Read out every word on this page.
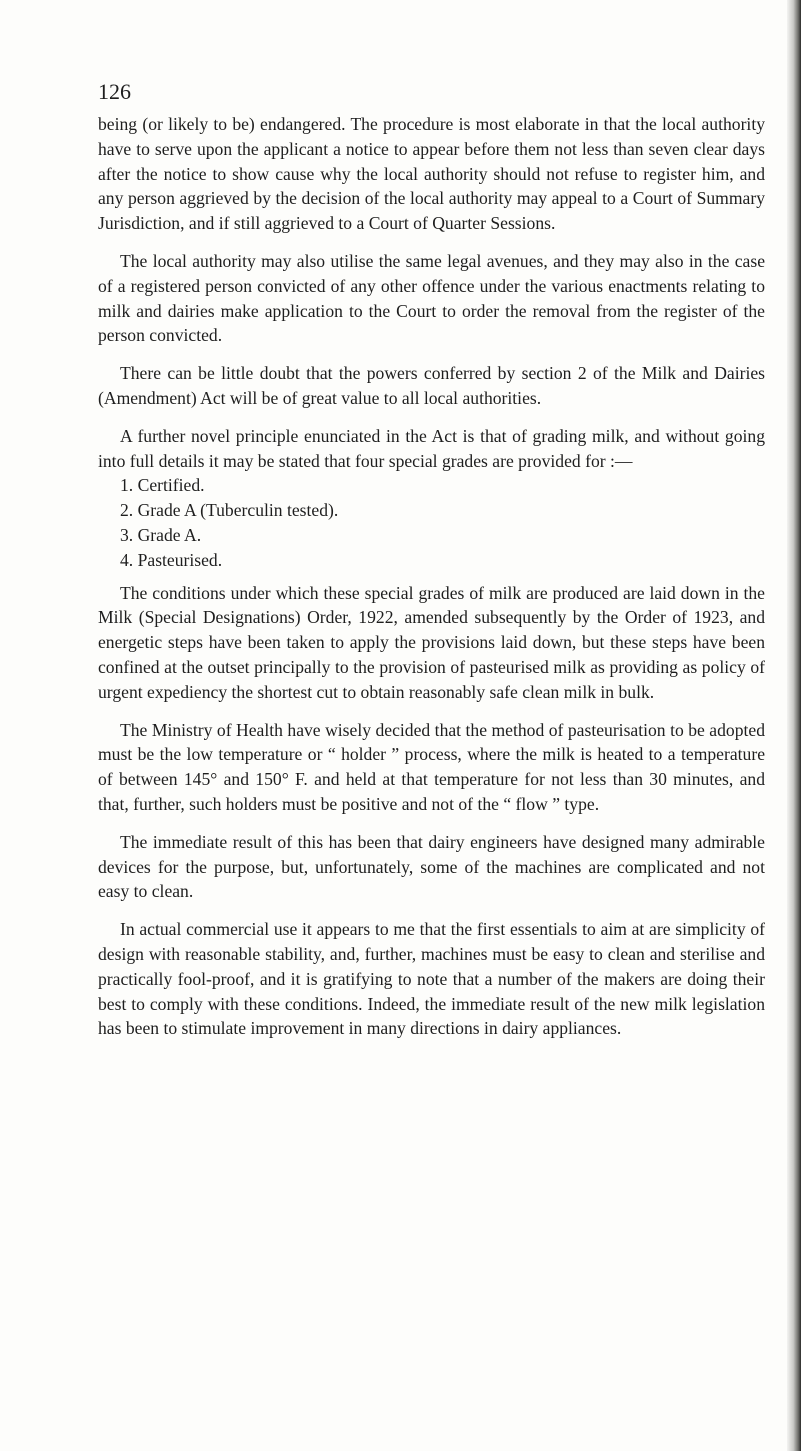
126

being (or likely to be) endangered. The procedure is most elaborate in that the local authority have to serve upon the applicant a notice to appear before them not less than seven clear days after the notice to show cause why the local authority should not refuse to register him, and any person aggrieved by the decision of the local authority may appeal to a Court of Summary Jurisdiction, and if still aggrieved to a Court of Quarter Sessions.

The local authority may also utilise the same legal avenues, and they may also in the case of a registered person convicted of any other offence under the various enactments relating to milk and dairies make application to the Court to order the removal from the register of the person convicted.

There can be little doubt that the powers conferred by section 2 of the Milk and Dairies (Amendment) Act will be of great value to all local authorities.

A further novel principle enunciated in the Act is that of grading milk, and without going into full details it may be stated that four special grades are provided for :—

1. Certified.
2. Grade A (Tuberculin tested).
3. Grade A.
4. Pasteurised.

The conditions under which these special grades of milk are produced are laid down in the Milk (Special Designations) Order, 1922, amended subsequently by the Order of 1923, and energetic steps have been taken to apply the provisions laid down, but these steps have been confined at the outset principally to the provision of pasteurised milk as providing as policy of urgent expediency the shortest cut to obtain reasonably safe clean milk in bulk.

The Ministry of Health have wisely decided that the method of pasteurisation to be adopted must be the low temperature or “ holder ” process, where the milk is heated to a temperature of between 145° and 150° F. and held at that temperature for not less than 30 minutes, and that, further, such holders must be positive and not of the “ flow ” type.

The immediate result of this has been that dairy engineers have designed many admirable devices for the purpose, but, unfortunately, some of the machines are complicated and not easy to clean.

In actual commercial use it appears to me that the first essentials to aim at are simplicity of design with reasonable stability, and, further, machines must be easy to clean and sterilise and practically fool-proof, and it is gratifying to note that a number of the makers are doing their best to comply with these conditions. Indeed, the immediate result of the new milk legislation has been to stimulate improvement in many directions in dairy appliances.
